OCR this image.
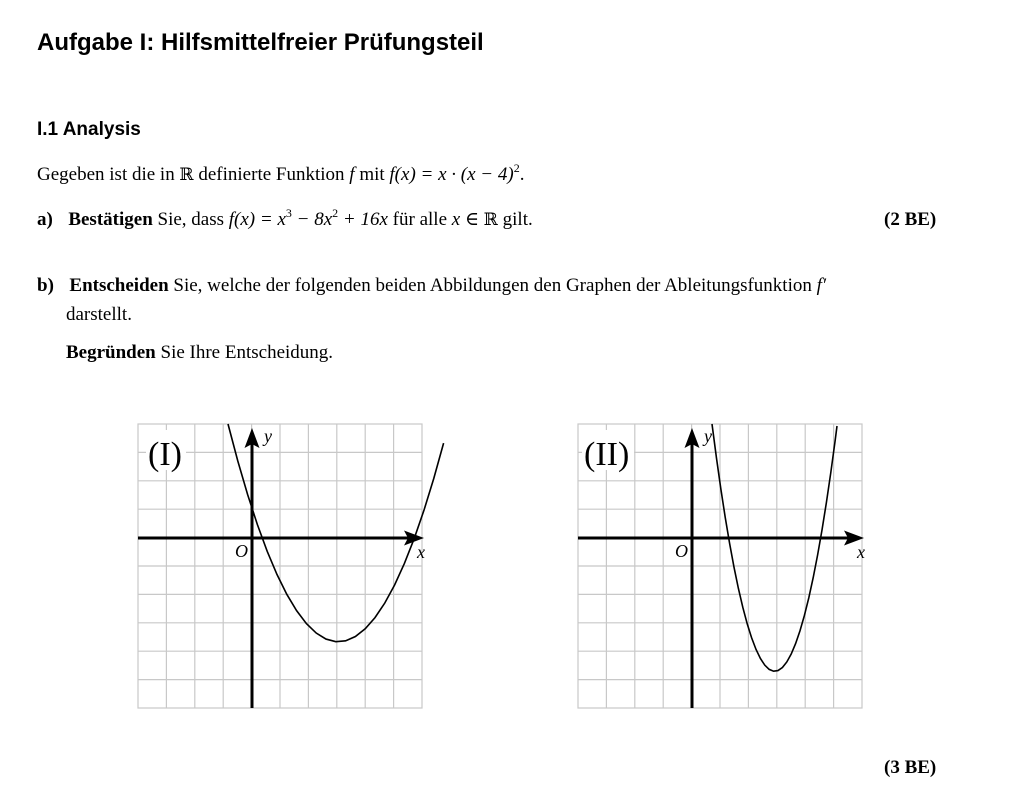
Aufgabe I: Hilfsmittelfreier Prüfungsteil
I.1 Analysis
Gegeben ist die in ℝ definierte Funktion f mit $f(x) = x \cdot (x - 4)^2$.
a) Bestätigen Sie, dass $f(x) = x^3 - 8x^2 + 16x$ für alle x ∈ ℝ gilt.	(2 BE)
b) Entscheiden Sie, welche der folgenden beiden Abbildungen den Graphen der Ableitungsfunktion f′
darstellt.
Begründen Sie Ihre Entscheidung.
(I)	y
x
O
(II)	y
x
O
(3 BE)
